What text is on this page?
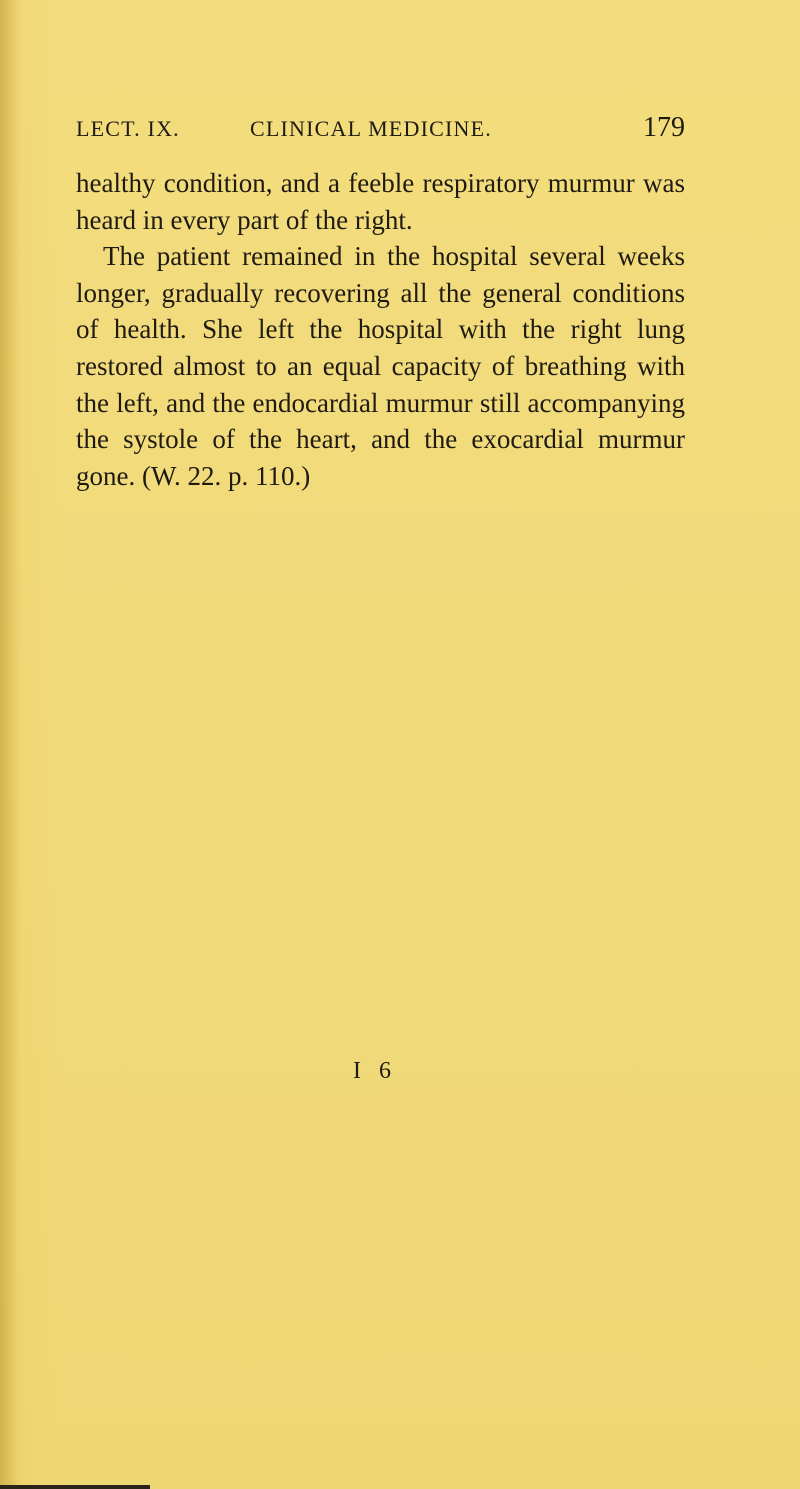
LECT. IX.	CLINICAL MEDICINE.	179

healthy condition, and a feeble respiratory murmur was heard in every part of the right.

The patient remained in the hospital several weeks longer, gradually recovering all the general conditions of health. She left the hospital with the right lung restored almost to an equal capacity of breathing with the left, and the endocardial murmur still accompanying the systole of the heart, and the exocardial murmur gone. (W. 22. p. 110.)

I 6
